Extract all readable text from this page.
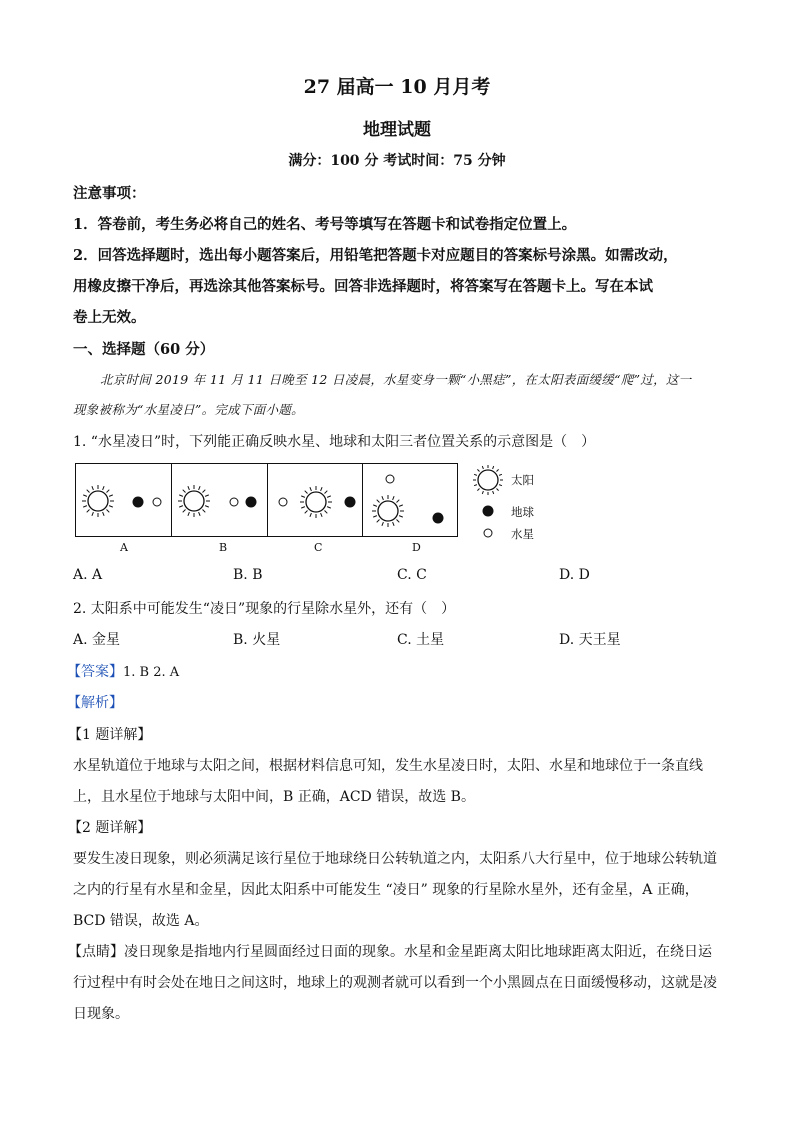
27 届高一 10 月月考
地理试题
满分：100 分 考试时间：75 分钟
注意事项：
1．答卷前，考生务必将自己的姓名、考号等填写在答题卡和试卷指定位置上。
2．回答选择题时，选出每小题答案后，用铅笔把答题卡对应题目的答案标号涂黑。如需改动，
用橡皮擦干净后，再选涂其他答案标号。回答非选择题时，将答案写在答题卡上。写在本试
卷上无效。
一、选择题（60 分）
北京时间 2019 年 11 月 11 日晚至 12 日凌晨，水星变身一颗“小黑痣”，在太阳表面缓缓“爬”过，这一
现象被称为“水星凌日”。完成下面小题。
1. “水星凌日”时，下列能正确反映水星、地球和太阳三者位置关系的示意图是（　）
A	B	C	D
太阳
地球
水星
A. A	B. B	C. C	D. D
2. 太阳系中可能发生“凌日”现象的行星除水星外，还有（　）
A. 金星	B. 火星	C. 土星	D. 天王星
【答案】1. B 2. A
【解析】
【1 题详解】
水星轨道位于地球与太阳之间，根据材料信息可知，发生水星凌日时，太阳、水星和地球位于一条直线
上，且水星位于地球与太阳中间，B 正确，ACD 错误，故选 B。
【2 题详解】
要发生凌日现象，则必须满足该行星位于地球绕日公转轨道之内，太阳系八大行星中，位于地球公转轨道
之内的行星有水星和金星，因此太阳系中可能发生 “凌日” 现象的行星除水星外，还有金星，A 正确，
BCD 错误，故选 A。
【点睛】凌日现象是指地内行星圆面经过日面的现象。水星和金星距离太阳比地球距离太阳近，在绕日运
行过程中有时会处在地日之间这时，地球上的观测者就可以看到一个小黑圆点在日面缓慢移动，这就是凌
日现象。
